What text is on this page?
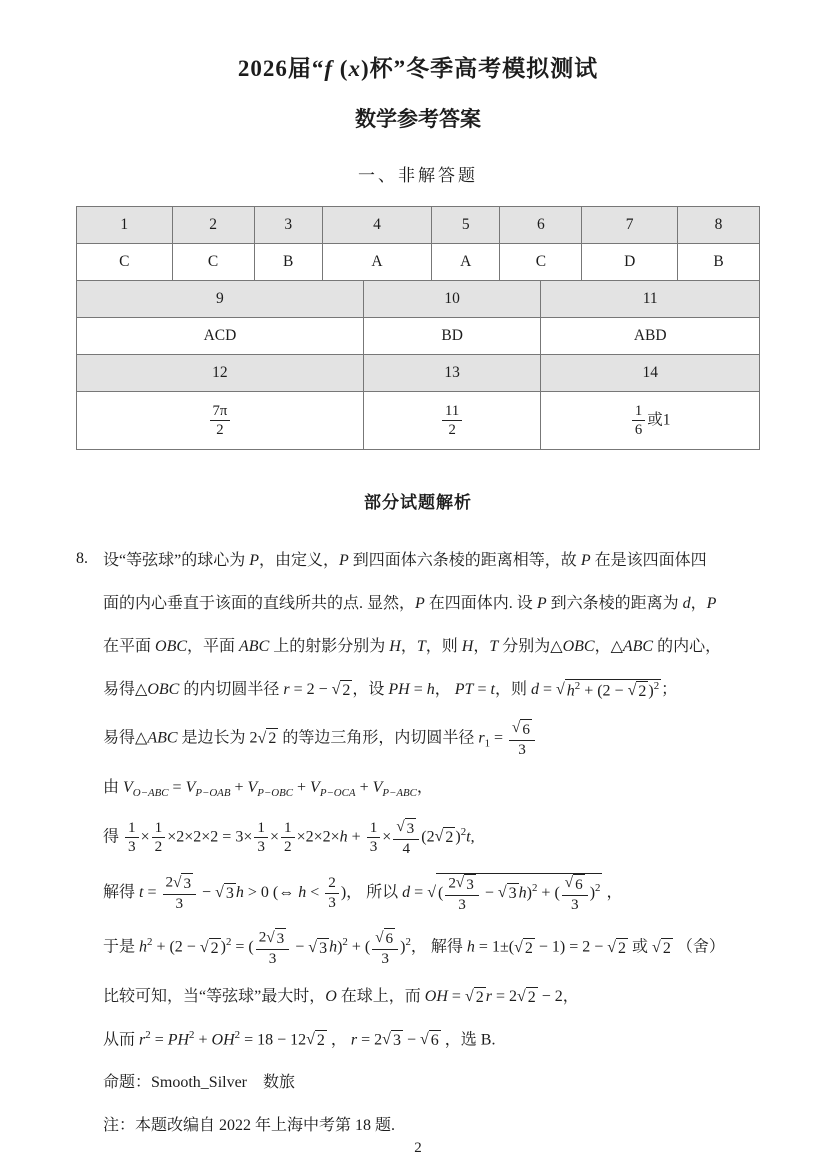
2026届“f (x)杯”冬季高考模拟测试
数学参考答案
一、非解答题
1	2	3	4	5	6	7	8
C	C	B	A	A	C	D	B
9	10	11
ACD	BD	ABD
12	13	14

$\frac{7\pi}{2}$	$\frac{11}{2}$	$\frac{1}{6}$ 或1
部分试题解析
8. 设“等弦球”的球心为 P，由定义，P 到四面体六条棱的距离相等，故 P 在是该四面体四
面的内心垂直于该面的直线所共的点. 显然，P 在四面体内. 设 P 到六条棱的距离为 d，P
在平面 OBC，平面 ABC 上的射影分别为 H，T，则 H，T 分别为△OBC，△ABC 的内心，
易得△OBC 的内切圆半径 r = 2 − √ 2 ，设 PH = h， PT = t，则 d = √ $h^2 + (2$ − √ 2 )$^2$ ；
易得△ABC 是边长为 2√ 2 的等边三角形，内切圆半径 $r_1 = \frac{√ 6}{3}$
由 $V_{O-ABC} = V_{P-OAB} + V_{P-OBC} + V_{P-OCA} + V_{P-ABC}$，
得 $\frac{1}{3} \times \frac{1}{2} \times 2\times 2\times 2 = 3\times \frac{1}{3} \times \frac{1}{2} \times 2\times 2\times h + \frac{1}{3} \times \frac{√ 3}{4} (2√$ 2 )$^2$t,
解得 $t = \frac{2√ 3}{3}$ − √ 3 h > 0 (⇔ $h < \frac{2}{3}$ )， 所以 d = √ ( $\frac{2√ 3}{3}$ − √ 3 h)$^2$ + ( $\frac{√ 6}{3} )^2$ ，
于是 $h^2 + (2$ − √ 2 )$^2$ = ( $\frac{2√ 3}{3}$ − √ 3 h)$^2$ + ( $\frac{√ 6}{3} )^2$， 解得 h = 1±(√ 2 − 1) = 2 − √ 2 或 √ 2 （舍）
比较可知，当“等弦球”最大时，O 在球上，而 OH = √ 2 r = 2√ 2 − 2，
从而 $r^2 = PH^2 + OH^2 = 18 - 12√$ 2 ， r = 2√ 3 − √ 6 ，选 B.
命题：Smooth_Silver　数旅
注：本题改编自 2022 年上海中考第 18 题.
2
